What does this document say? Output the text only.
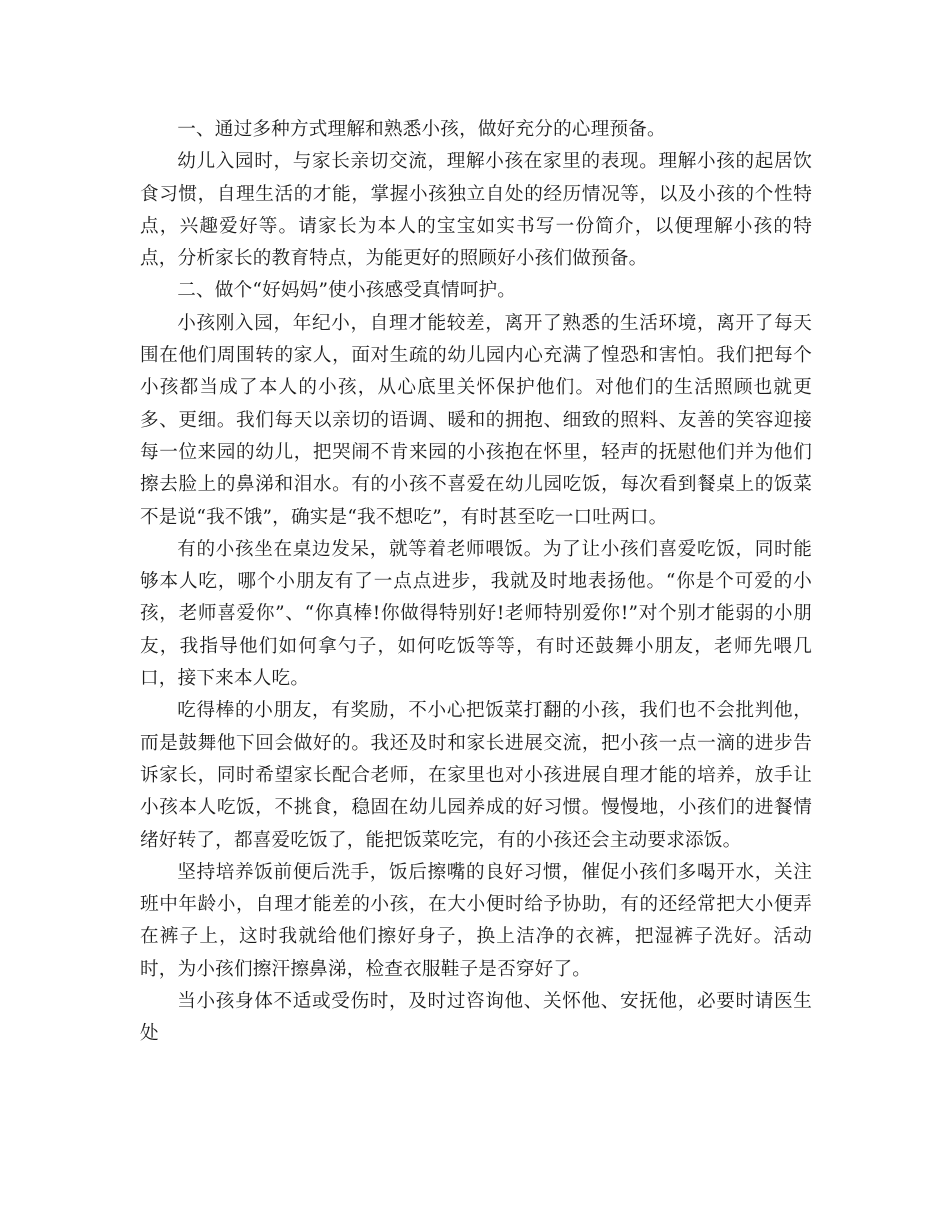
一、通过多种方式理解和熟悉小孩，做好充分的心理预备。

幼儿入园时，与家长亲切交流，理解小孩在家里的表现。理解小孩的起居饮食习惯，自理生活的才能，掌握小孩独立自处的经历情况等，以及小孩的个性特点，兴趣爱好等。请家长为本人的宝宝如实书写一份简介，以便理解小孩的特点，分析家长的教育特点，为能更好的照顾好小孩们做预备。

二、做个“好妈妈”使小孩感受真情呵护。

小孩刚入园，年纪小，自理才能较差，离开了熟悉的生活环境，离开了每天围在他们周围转的家人，面对生疏的幼儿园内心充满了惶恐和害怕。我们把每个小孩都当成了本人的小孩，从心底里关怀保护他们。对他们的生活照顾也就更多、更细。我们每天以亲切的语调、暖和的拥抱、细致的照料、友善的笑容迎接每一位来园的幼儿，把哭闹不肯来园的小孩抱在怀里，轻声的抚慰他们并为他们擦去脸上的鼻涕和泪水。有的小孩不喜爱在幼儿园吃饭，每次看到餐桌上的饭菜不是说“我不饿”，确实是“我不想吃”，有时甚至吃一口吐两口。

有的小孩坐在桌边发呆，就等着老师喂饭。为了让小孩们喜爱吃饭，同时能够本人吃，哪个小朋友有了一点点进步，我就及时地表扬他。“你是个可爱的小孩，老师喜爱你”、“你真棒!你做得特别好!老师特别爱你!”对个别才能弱的小朋友，我指导他们如何拿勺子，如何吃饭等等，有时还鼓舞小朋友，老师先喂几口，接下来本人吃。

吃得棒的小朋友，有奖励，不小心把饭菜打翻的小孩，我们也不会批判他，而是鼓舞他下回会做好的。我还及时和家长进展交流，把小孩一点一滴的进步告诉家长，同时希望家长配合老师，在家里也对小孩进展自理才能的培养，放手让小孩本人吃饭，不挑食，稳固在幼儿园养成的好习惯。慢慢地，小孩们的进餐情绪好转了，都喜爱吃饭了，能把饭菜吃完，有的小孩还会主动要求添饭。

坚持培养饭前便后洗手，饭后擦嘴的良好习惯，催促小孩们多喝开水，关注班中年龄小，自理才能差的小孩，在大小便时给予协助，有的还经常把大小便弄在裤子上，这时我就给他们擦好身子，换上洁净的衣裤，把湿裤子洗好。活动时，为小孩们擦汗擦鼻涕，检查衣服鞋子是否穿好了。

当小孩身体不适或受伤时，及时过咨询他、关怀他、安抚他，必要时请医生处
